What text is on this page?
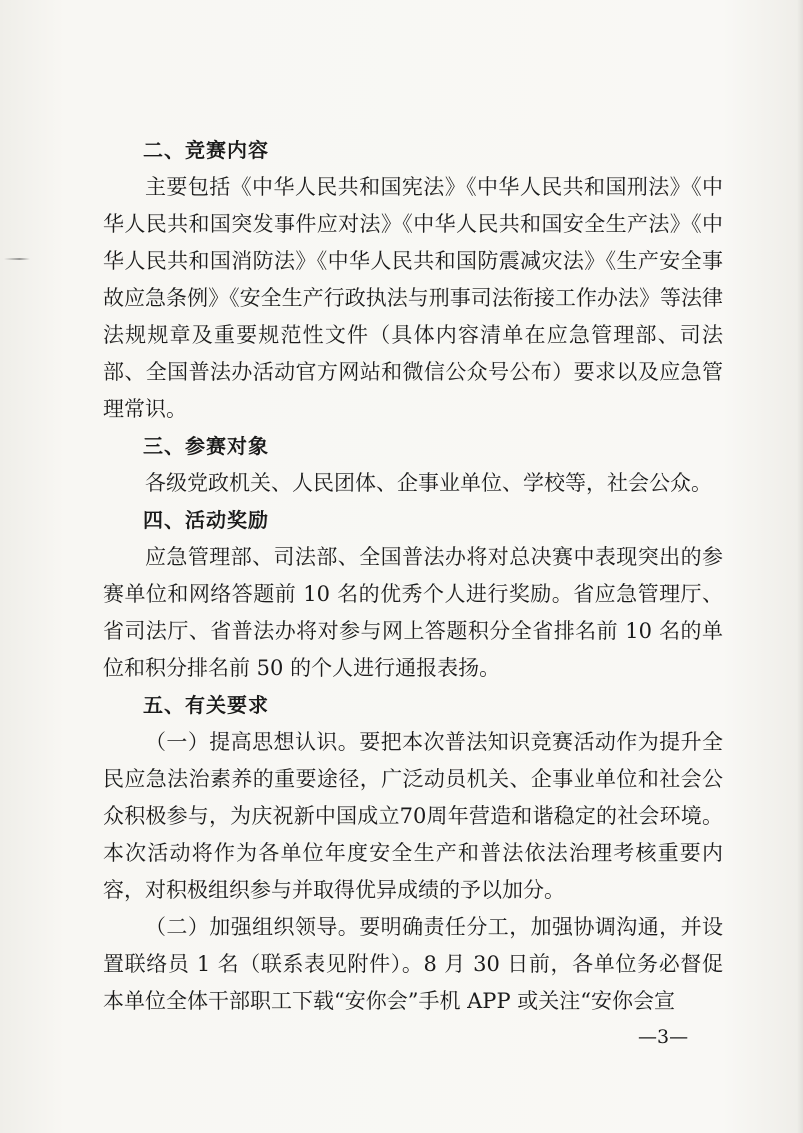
二、竞赛内容

主要包括《中华人民共和国宪法》《中华人民共和国刑法》《中华人民共和国突发事件应对法》《中华人民共和国安全生产法》《中华人民共和国消防法》《中华人民共和国防震减灾法》《生产安全事故应急条例》《安全生产行政执法与刑事司法衔接工作办法》等法律法规规章及重要规范性文件（具体内容清单在应急管理部、司法部、全国普法办活动官方网站和微信公众号公布）要求以及应急管理常识。

三、参赛对象

各级党政机关、人民团体、企事业单位、学校等，社会公众。

四、活动奖励

应急管理部、司法部、全国普法办将对总决赛中表现突出的参赛单位和网络答题前 10 名的优秀个人进行奖励。省应急管理厅、省司法厅、省普法办将对参与网上答题积分全省排名前 10 名的单位和积分排名前 50 的个人进行通报表扬。

五、有关要求

（一）提高思想认识。要把本次普法知识竞赛活动作为提升全民应急法治素养的重要途径，广泛动员机关、企事业单位和社会公众积极参与，为庆祝新中国成立70周年营造和谐稳定的社会环境。本次活动将作为各单位年度安全生产和普法依法治理考核重要内容，对积极组织参与并取得优异成绩的予以加分。

（二）加强组织领导。要明确责任分工，加强协调沟通，并设置联络员 1 名（联系表见附件）。8 月 30 日前，各单位务必督促本单位全体干部职工下载“安你会”手机 APP 或关注“安你会宣

—3—
